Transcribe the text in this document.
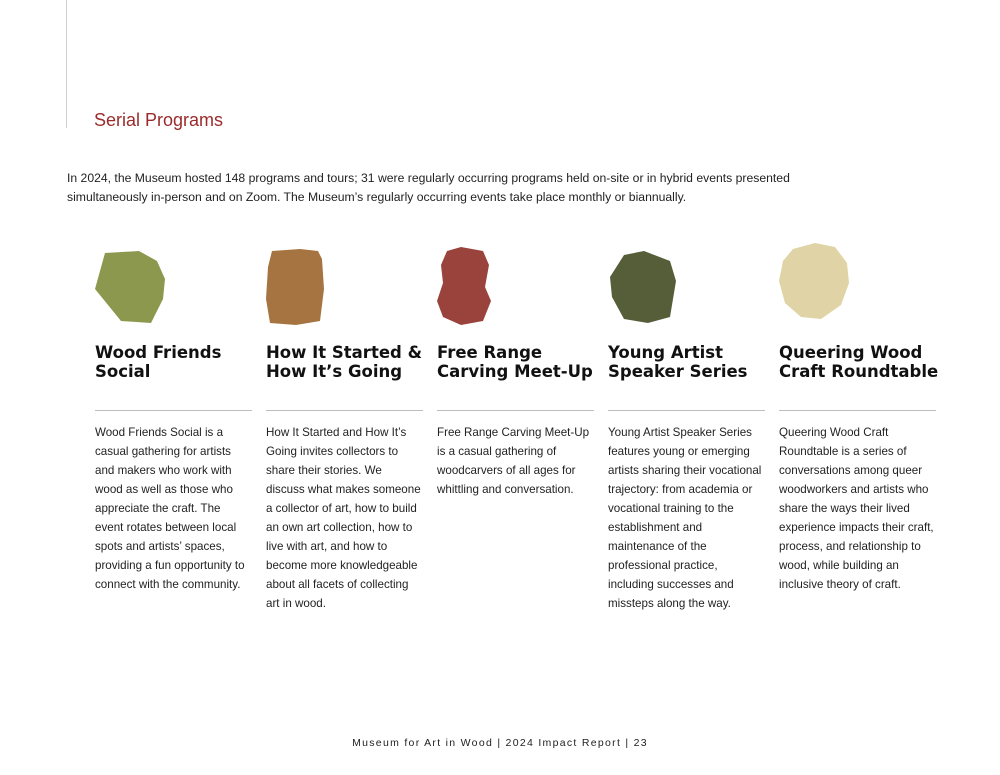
Serial Programs

In 2024, the Museum hosted 148 programs and tours; 31 were regularly occurring programs held on-site or in hybrid events presented simultaneously in-person and on Zoom. The Museum’s regularly occurring events take place monthly or biannually.

Wood Friends Social

Wood Friends Social is a casual gathering for artists and makers who work with wood as well as those who appreciate the craft. The event rotates between local spots and artists’ spaces, providing a fun opportunity to connect with the community.

How It Started & How It’s Going

How It Started and How It’s Going invites collectors to share their stories. We discuss what makes someone a collector of art, how to build an own art collection, how to live with art, and how to become more knowledgeable about all facets of collecting art in wood.

Free Range Carving Meet-Up

Free Range Carving Meet-Up is a casual gathering of woodcarvers of all ages for whittling and conversation.

Young Artist Speaker Series

Young Artist Speaker Series features young or emerging artists sharing their vocational trajectory: from academia or vocational training to the establishment and maintenance of the professional practice, including successes and missteps along the way.

Queering Wood Craft Roundtable

Queering Wood Craft Roundtable is a series of conversations among queer woodworkers and artists who share the ways their lived experience impacts their craft, process, and relationship to wood, while building an inclusive theory of craft.

Museum for Art in Wood | 2024 Impact Report | 23
